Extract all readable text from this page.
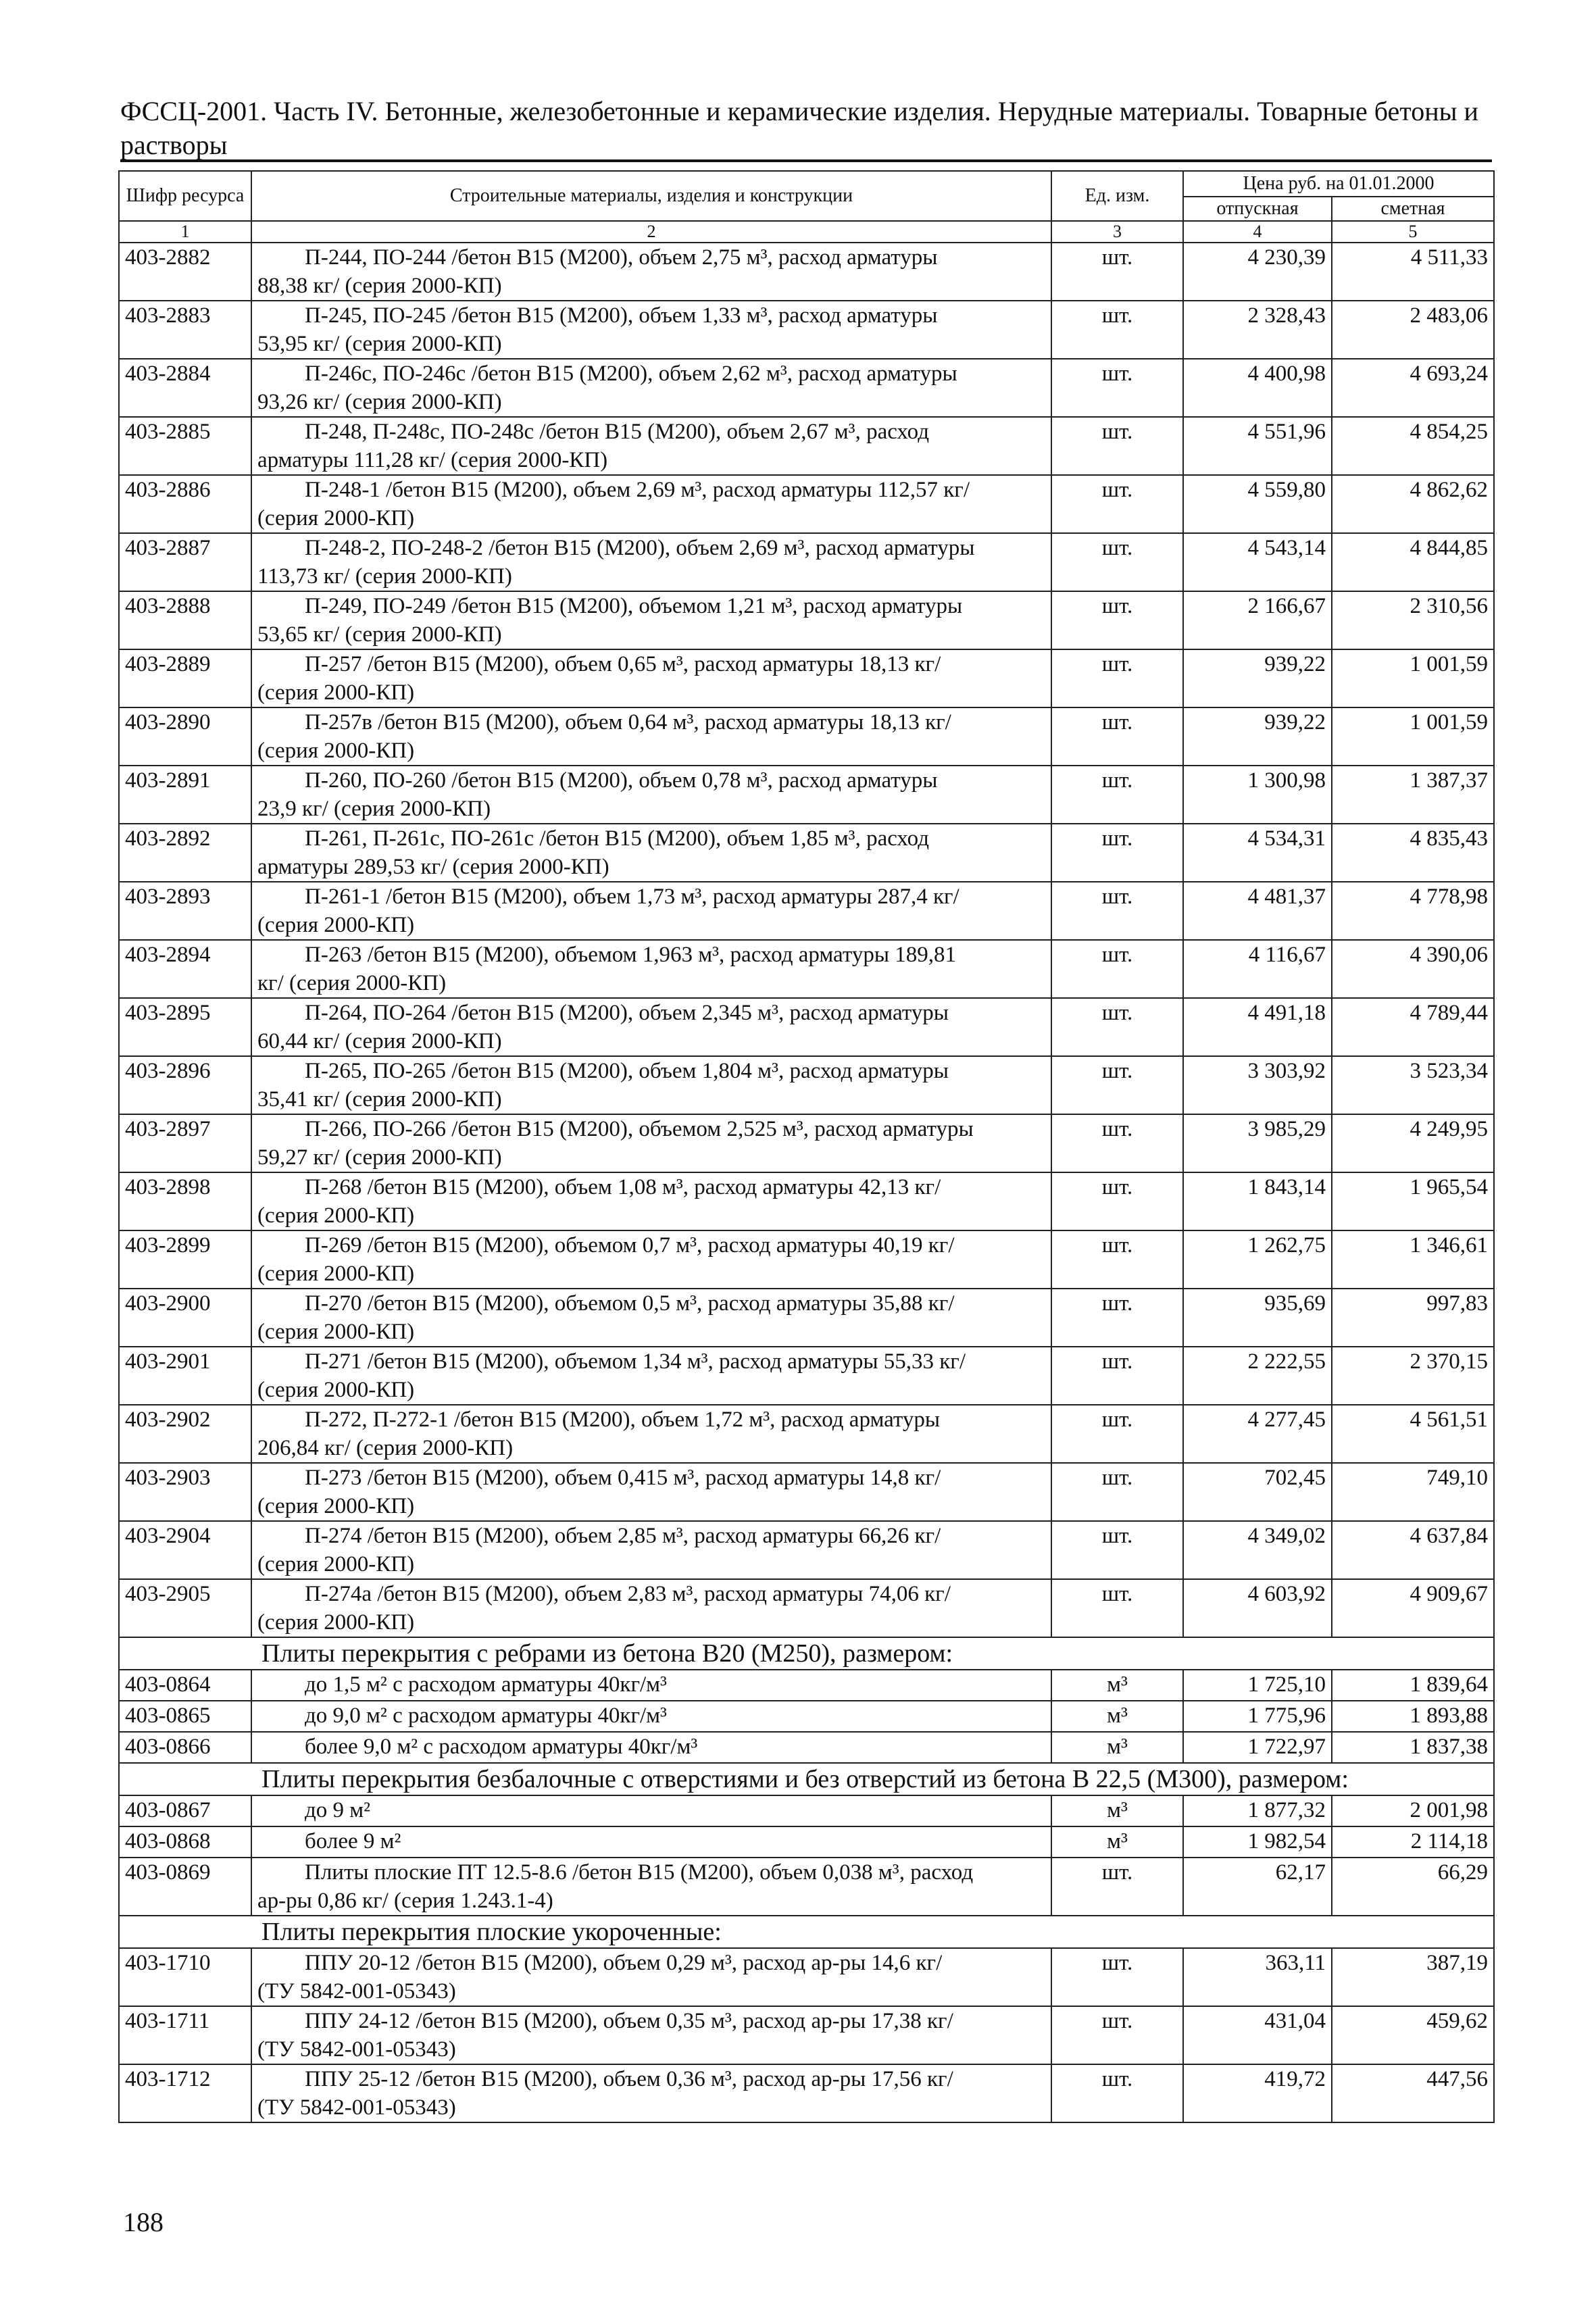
ФССЦ-2001. Часть IV. Бетонные, железобетонные и керамические изделия. Нерудные материалы. Товарные бетоны и растворы
Шифр ресурса	Строительные материалы, изделия и конструкции	Ед. изм.	Цена руб. на 01.01.2000	
			отпускная	сметная
1	2	3	4	5
403-2882	П-244, ПО-244 /бетон В15 (М200), объем 2,75 м³, расход арматуры
88,38 кг/ (серия 2000-КП)	шт.	4 230,39	4 511,33
403-2883	П-245, ПО-245 /бетон В15 (М200), объем 1,33 м³, расход арматуры
53,95 кг/ (серия 2000-КП)	шт.	2 328,43	2 483,06
403-2884	П-246с, ПО-246с /бетон В15 (М200), объем 2,62 м³, расход арматуры
93,26 кг/ (серия 2000-КП)	шт.	4 400,98	4 693,24
403-2885	П-248, П-248с, ПО-248с /бетон В15 (М200), объем 2,67 м³, расход
арматуры 111,28 кг/ (серия 2000-КП)	шт.	4 551,96	4 854,25
403-2886	П-248-1 /бетон В15 (М200), объем 2,69 м³, расход арматуры 112,57 кг/
(серия 2000-КП)	шт.	4 559,80	4 862,62
403-2887	П-248-2, ПО-248-2 /бетон В15 (М200), объем 2,69 м³, расход арматуры
113,73 кг/ (серия 2000-КП)	шт.	4 543,14	4 844,85
403-2888	П-249, ПО-249 /бетон В15 (М200), объемом 1,21 м³, расход арматуры
53,65 кг/ (серия 2000-КП)	шт.	2 166,67	2 310,56
403-2889	П-257 /бетон В15 (М200), объем 0,65 м³, расход арматуры 18,13 кг/
(серия 2000-КП)	шт.	939,22	1 001,59
403-2890	П-257в /бетон В15 (М200), объем 0,64 м³, расход арматуры 18,13 кг/
(серия 2000-КП)	шт.	939,22	1 001,59
403-2891	П-260, ПО-260 /бетон В15 (М200), объем 0,78 м³, расход арматуры
23,9 кг/ (серия 2000-КП)	шт.	1 300,98	1 387,37
403-2892	П-261, П-261с, ПО-261с /бетон В15 (М200), объем 1,85 м³, расход
арматуры 289,53 кг/ (серия 2000-КП)	шт.	4 534,31	4 835,43
403-2893	П-261-1 /бетон В15 (М200), объем 1,73 м³, расход арматуры 287,4 кг/
(серия 2000-КП)	шт.	4 481,37	4 778,98
403-2894	П-263 /бетон В15 (М200), объемом 1,963 м³, расход арматуры 189,81
кг/ (серия 2000-КП)	шт.	4 116,67	4 390,06
403-2895	П-264, ПО-264 /бетон В15 (М200), объем 2,345 м³, расход арматуры
60,44 кг/ (серия 2000-КП)	шт.	4 491,18	4 789,44
403-2896	П-265, ПО-265 /бетон В15 (М200), объем 1,804 м³, расход арматуры
35,41 кг/ (серия 2000-КП)	шт.	3 303,92	3 523,34
403-2897	П-266, ПО-266 /бетон В15 (М200), объемом 2,525 м³, расход арматуры
59,27 кг/ (серия 2000-КП)	шт.	3 985,29	4 249,95
403-2898	П-268 /бетон В15 (М200), объем 1,08 м³, расход арматуры 42,13 кг/
(серия 2000-КП)	шт.	1 843,14	1 965,54
403-2899	П-269 /бетон В15 (М200), объемом 0,7 м³, расход арматуры 40,19 кг/
(серия 2000-КП)	шт.	1 262,75	1 346,61
403-2900	П-270 /бетон В15 (М200), объемом 0,5 м³, расход арматуры 35,88 кг/
(серия 2000-КП)	шт.	935,69	997,83
403-2901	П-271 /бетон В15 (М200), объемом 1,34 м³, расход арматуры 55,33 кг/
(серия 2000-КП)	шт.	2 222,55	2 370,15
403-2902	П-272, П-272-1 /бетон В15 (М200), объем 1,72 м³, расход арматуры
206,84 кг/ (серия 2000-КП)	шт.	4 277,45	4 561,51
403-2903	П-273 /бетон В15 (М200), объем 0,415 м³, расход арматуры 14,8 кг/
(серия 2000-КП)	шт.	702,45	749,10
403-2904	П-274 /бетон В15 (М200), объем 2,85 м³, расход арматуры 66,26 кг/
(серия 2000-КП)	шт.	4 349,02	4 637,84
403-2905	П-274а /бетон В15 (М200), объем 2,83 м³, расход арматуры 74,06 кг/
(серия 2000-КП)	шт.	4 603,92	4 909,67
Плиты перекрытия с ребрами из бетона В20 (М250), размером:				
403-0864	до 1,5 м² с расходом арматуры 40кг/м³	м³	1 725,10	1 839,64
403-0865	до 9,0 м² с расходом арматуры 40кг/м³	м³	1 775,96	1 893,88
403-0866	более 9,0 м² с расходом арматуры 40кг/м³	м³	1 722,97	1 837,38
Плиты перекрытия безбалочные с отверстиями и без отверстий из бетона В 22,5 (М300), размером:				
403-0867	до 9 м²	м³	1 877,32	2 001,98
403-0868	более 9 м²	м³	1 982,54	2 114,18
403-0869	Плиты плоские ПТ 12.5-8.6 /бетон В15 (М200), объем 0,038 м³, расход
ар-ры 0,86 кг/ (серия 1.243.1-4)	шт.	62,17	66,29
Плиты перекрытия плоские укороченные:				
403-1710	ППУ 20-12 /бетон В15 (М200), объем 0,29 м³, расход ар-ры 14,6 кг/
(ТУ 5842-001-05343)	шт.	363,11	387,19
403-1711	ППУ 24-12 /бетон В15 (М200), объем 0,35 м³, расход ар-ры 17,38 кг/
(ТУ 5842-001-05343)	шт.	431,04	459,62
403-1712	ППУ 25-12 /бетон В15 (М200), объем 0,36 м³, расход ар-ры 17,56 кг/
(ТУ 5842-001-05343)	шт.	419,72	447,56
188
